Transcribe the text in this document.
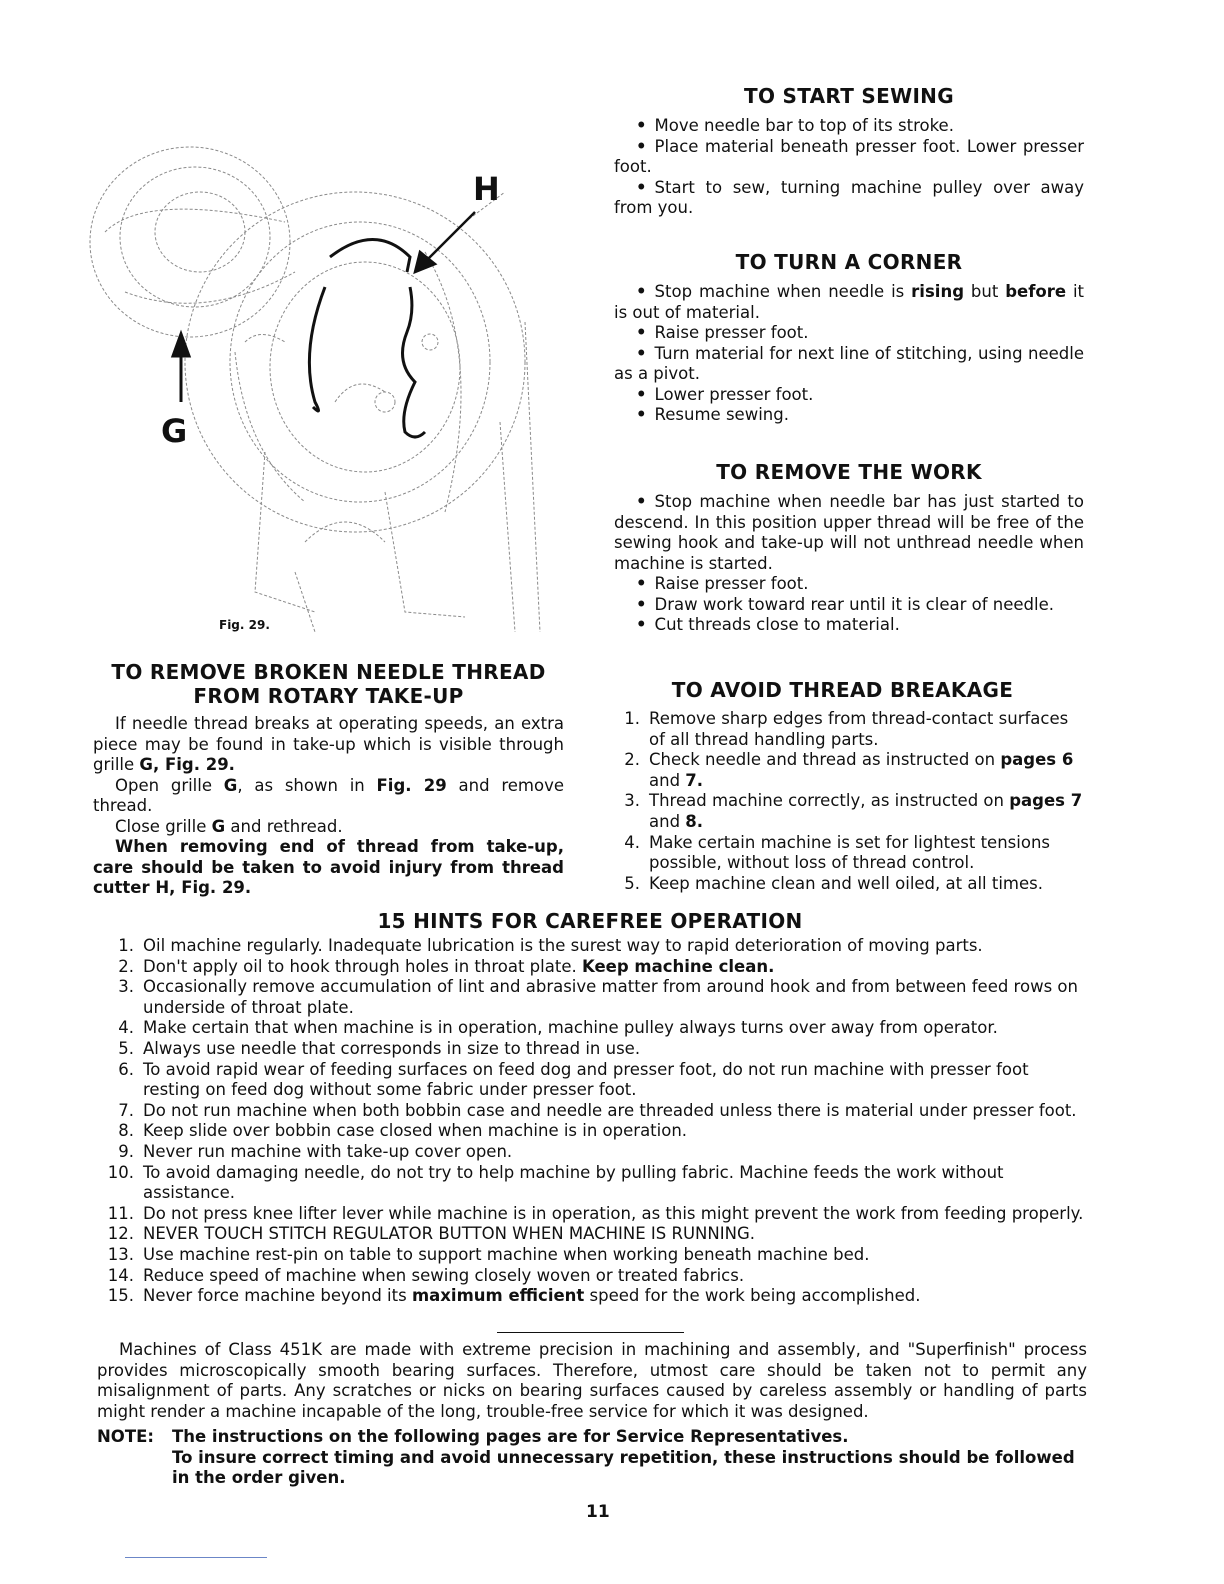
H
G
Fig. 29.
TO START SEWING

• Move needle bar to top of its stroke.

• Place material beneath presser foot. Lower presser foot.

• Start to sew, turning machine pulley over away from you.

TO TURN A CORNER

• Stop machine when needle is rising but before it is out of material.

• Raise presser foot.

• Turn material for next line of stitching, using needle as a pivot.

• Lower presser foot.

• Resume sewing.

TO REMOVE THE WORK

• Stop machine when needle bar has just started to descend. In this position upper thread will be free of the sewing hook and take-up will not unthread needle when machine is started.

• Raise presser foot.

• Draw work toward rear until it is clear of needle.

• Cut threads close to material.

TO REMOVE BROKEN NEEDLE THREAD
FROM ROTARY TAKE-UP

If needle thread breaks at operating speeds, an extra piece may be found in take-up which is visible through grille G, Fig. 29.

Open grille G, as shown in Fig. 29 and remove thread.

Close grille G and rethread.

When removing end of thread from take-up, care should be taken to avoid injury from thread cutter H, Fig. 29.

TO AVOID THREAD BREAKAGE
1. Remove sharp edges from thread-contact surfaces of all thread handling parts.
2. Check needle and thread as instructed on pages 6 and 7.
3. Thread machine correctly, as instructed on pages 7 and 8.
4. Make certain machine is set for lightest tensions possible, without loss of thread control.
5. Keep machine clean and well oiled, at all times.
15 HINTS FOR CAREFREE OPERATION
1. Oil machine regularly. Inadequate lubrication is the surest way to rapid deterioration of moving parts.
2. Don't apply oil to hook through holes in throat plate. Keep machine clean.
3. Occasionally remove accumulation of lint and abrasive matter from around hook and from between feed rows on underside of throat plate.
4. Make certain that when machine is in operation, machine pulley always turns over away from operator.
5. Always use needle that corresponds in size to thread in use.
6. To avoid rapid wear of feeding surfaces on feed dog and presser foot, do not run machine with presser foot resting on feed dog without some fabric under presser foot.
7. Do not run machine when both bobbin case and needle are threaded unless there is material under presser foot.
8. Keep slide over bobbin case closed when machine is in operation.
9. Never run machine with take-up cover open.
10. To avoid damaging needle, do not try to help machine by pulling fabric. Machine feeds the work without assistance.
11. Do not press knee lifter lever while machine is in operation, as this might prevent the work from feeding properly.
12. NEVER TOUCH STITCH REGULATOR BUTTON WHEN MACHINE IS RUNNING.
13. Use machine rest-pin on table to support machine when working beneath machine bed.
14. Reduce speed of machine when sewing closely woven or treated fabrics.
15. Never force machine beyond its maximum efficient speed for the work being accomplished.

Machines of Class 451K are made with extreme precision in machining and assembly, and "Superfinish" process provides microscopically smooth bearing surfaces. Therefore, utmost care should be taken not to permit any misalignment of parts. Any scratches or nicks on bearing surfaces caused by careless assembly or handling of parts might render a machine incapable of the long, trouble-free service for which it was designed.

NOTE:	The instructions on the following pages are for Service Representatives.

To insure correct timing and avoid unnecessary repetition, these instructions should be followed in the order given.

11
